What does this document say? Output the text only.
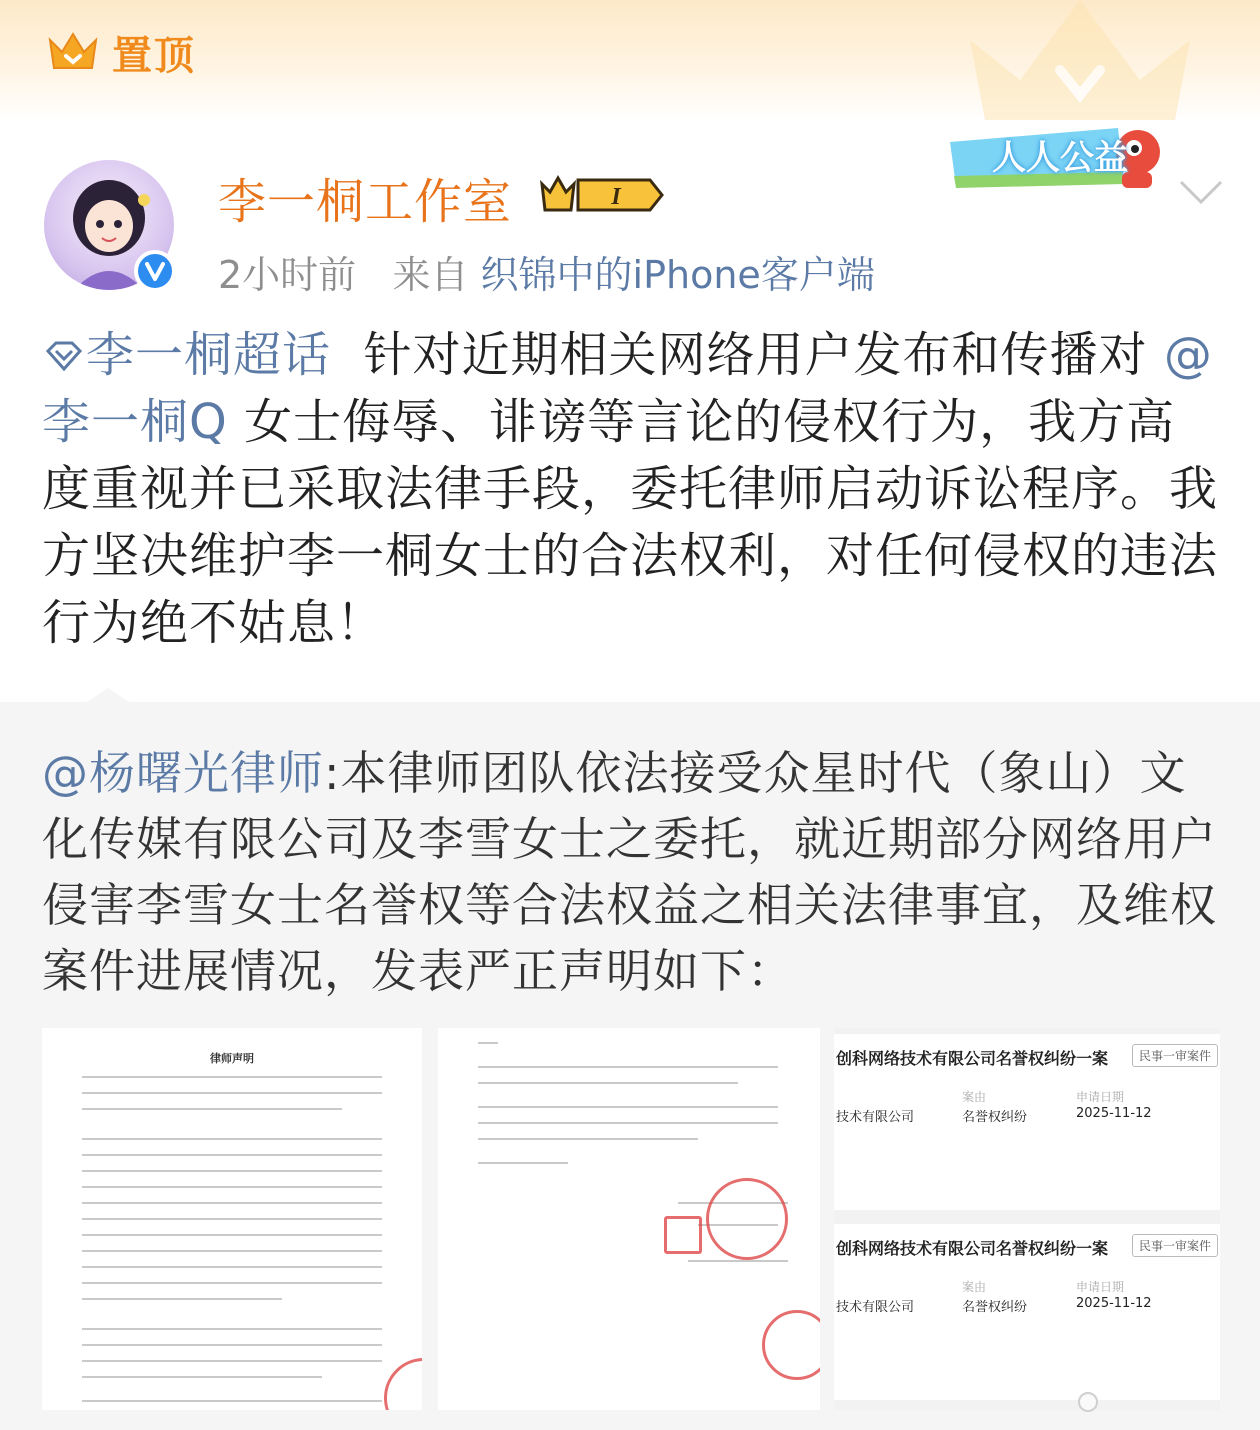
置顶
人人公益
李一桐工作室	I
2小时前 来自 织锦中的iPhone客户端
李一桐超话 针对近期相关网络用户发布和传播对 @李一桐Q 女士侮辱、诽谤等言论的侵权行为，我方高度重视并已采取法律手段，委托律师启动诉讼程序。我方坚决维护李一桐女士的合法权利，对任何侵权的违法行为绝不姑息！
@杨曙光律师:本律师团队依法接受众星时代（象山）文化传媒有限公司及李雪女士之委托，就近期部分网络用户侵害李雪女士名誉权等合法权益之相关法律事宜，及维权案件进展情况，发表严正声明如下：
律师声明	创科网络技术有限公司名誉权纠纷一案	民事一审案件
案由	申请日期
技术有限公司	名誉权纠纷	2025-11-12
创科网络技术有限公司名誉权纠纷一案	民事一审案件
案由	申请日期
技术有限公司	名誉权纠纷	2025-11-12
